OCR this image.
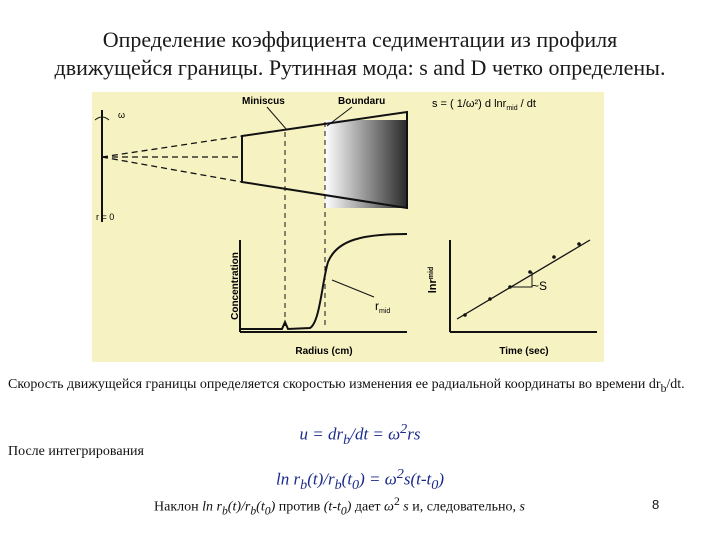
Определение коэффициента седиментации из профиля
движущейся границы. Рутинная мода: s and D четко определены.
ω
r = 0
Miniscus	Boundaru	s = ( 1/ω²) d lnr$_{mid}$ / dt
Concentration
Radius (cm)
$r_{mid}$
~S
lnr$^{mid}$
Time (sec)
Скорость движущейся границы определяется скоростью изменения ее радиальной координаты во времени $dr_b/dt$.
$u = dr_b/dt = \omega^2rs$
После интегрирования
$\ln r_b(t)/r_b(t_0) = \omega^2s(t-t_0)$
Наклон $\ln r_b(t)/r_b(t_0)$ против $(t-t_0)$ дает $\omega^2$ s и, следовательно, s	8
